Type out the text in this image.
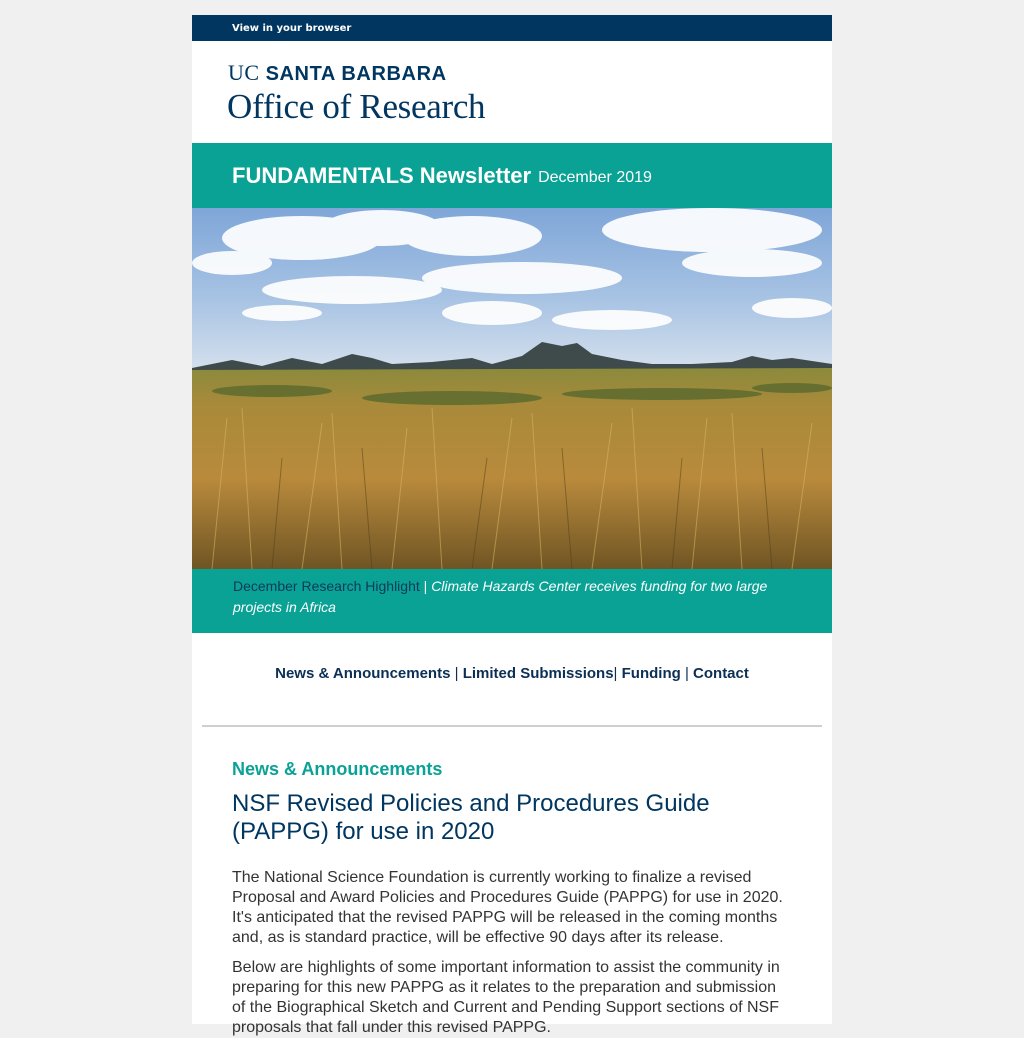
View in your browser
UC SANTA BARBARA
Office of Research
FUNDAMENTALS Newsletter December 2019
December Research Highlight | Climate Hazards Center receives funding for two large projects in Africa
News & Announcements | Limited Submissions| Funding | Contact
News & Announcements
NSF Revised Policies and Procedures Guide (PAPPG) for use in 2020

The National Science Foundation is currently working to finalize a revised Proposal and Award Policies and Procedures Guide (PAPPG) for use in 2020. It's anticipated that the revised PAPPG will be released in the coming months and, as is standard practice, will be effective 90 days after its release.

Below are highlights of some important information to assist the community in preparing for this new PAPPG as it relates to the preparation and submission of the Biographical Sketch and Current and Pending Support sections of NSF proposals that fall under this revised PAPPG.
